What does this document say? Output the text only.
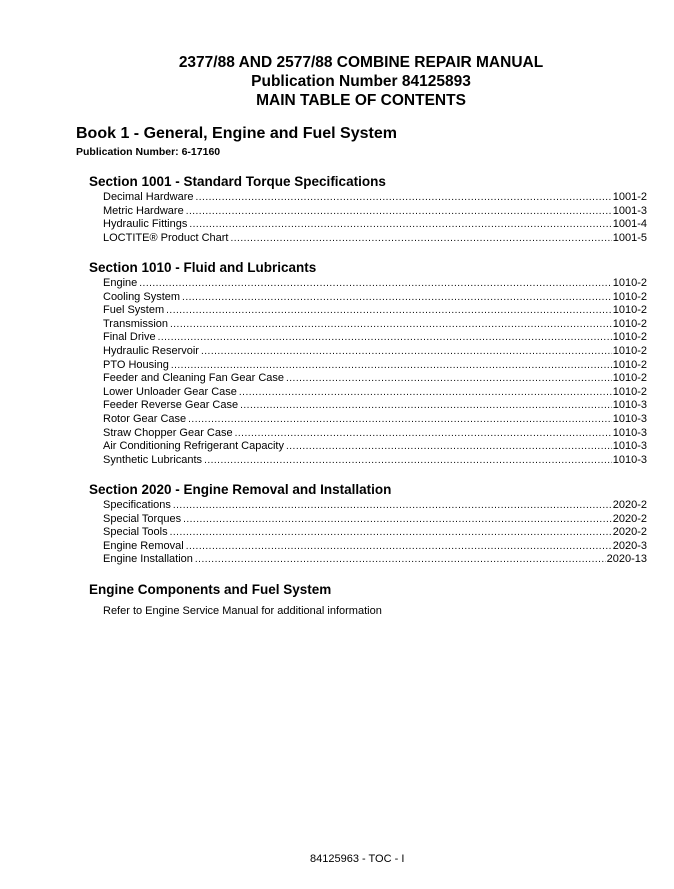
2377/88 AND 2577/88 COMBINE REPAIR MANUAL
Publication Number 84125893
MAIN TABLE OF CONTENTS
Book 1 - General, Engine and Fuel System
Publication Number: 6-17160
Section 1001 - Standard Torque Specifications
Decimal Hardware .....	1001-2
Metric Hardware .....	1001-3
Hydraulic Fittings .....	1001-4
LOCTITE® Product Chart .....	1001-5
Section 1010 - Fluid and Lubricants
Engine .....	1010-2
Cooling System .....	1010-2
Fuel System .....	1010-2
Transmission .....	1010-2
Final Drive .....	1010-2
Hydraulic Reservoir .....	1010-2
PTO Housing .....	1010-2
Feeder and Cleaning Fan Gear Case .....	1010-2
Lower Unloader Gear Case .....	1010-2
Feeder Reverse Gear Case .....	1010-3
Rotor Gear Case .....	1010-3
Straw Chopper Gear Case .....	1010-3
Air Conditioning Refrigerant Capacity .....	1010-3
Synthetic Lubricants .....	1010-3
Section 2020 - Engine Removal and Installation
Specifications .....	2020-2
Special Torques .....	2020-2
Special Tools .....	2020-2
Engine Removal .....	2020-3
Engine Installation .....	2020-13
Engine Components and Fuel System
Refer to Engine Service Manual for additional information
84125963 - TOC - I
